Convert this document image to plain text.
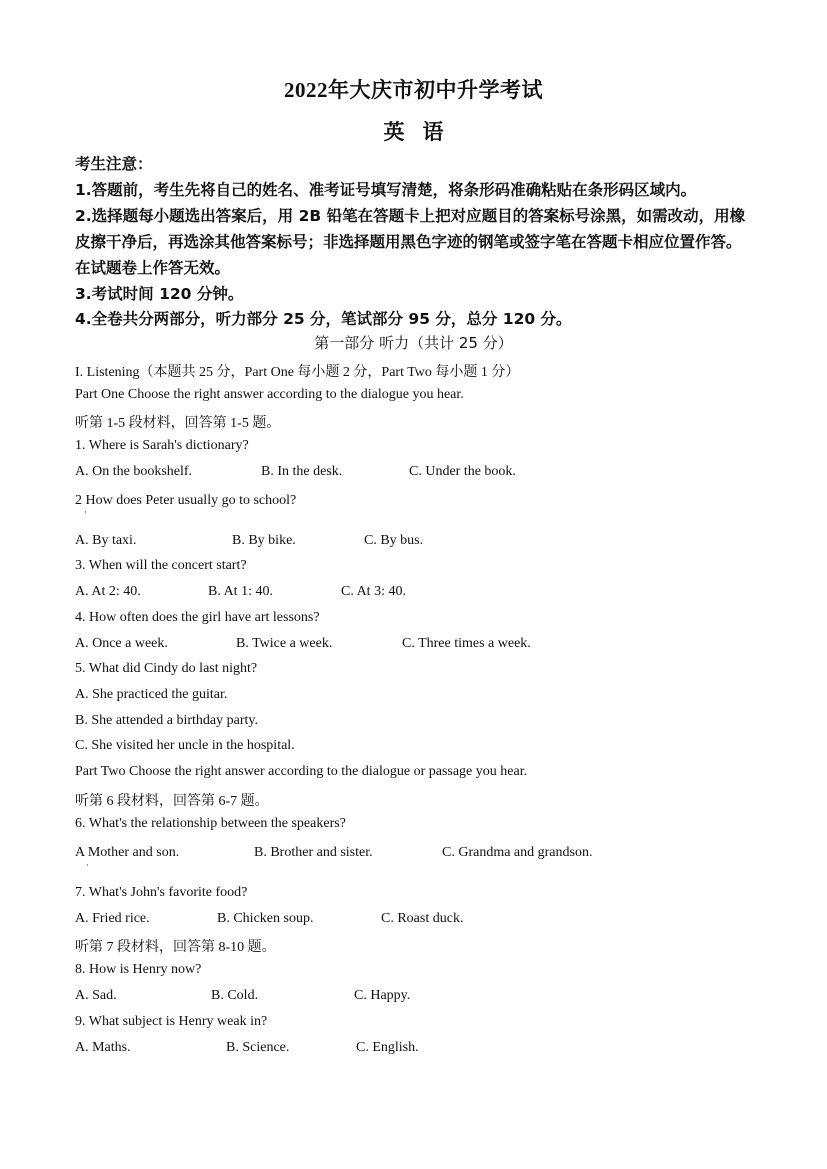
2022年大庆市初中升学考试
英语

考生注意：

1.答题前，考生先将自己的姓名、准考证号填写清楚，将条形码准确粘贴在条形码区域内。

2.选择题每小题选出答案后，用 2B 铅笔在答题卡上把对应题目的答案标号涂黑，如需改动，用橡皮擦干净后，再选涂其他答案标号；非选择题用黑色字迹的钢笔或签字笔在答题卡相应位置作答。在试题卷上作答无效。

3.考试时间 120 分钟。

4.全卷共分两部分，听力部分 25 分，笔试部分 95 分，总分 120 分。

第一部分 听力（共计 25 分）

I. Listening（本题共 25 分，Part One 每小题 2 分，Part Two 每小题 1 分）

Part One Choose the right answer according to the dialogue you hear.

听第 1-5 段材料，回答第 1-5 题。

1. Where is Sarah's dictionary?

A. On the bookshelf.	B. In the desk.	C. Under the book.

2 How does Peter usually go to school?

·
A. By taxi.	B. By bike.	C. By bus.

3. When will the concert start?

A. At 2: 40.	B. At 1: 40.	C. At 3: 40.

4. How often does the girl have art lessons?

A. Once a week.	B. Twice a week.	C. Three times a week.

5. What did Cindy do last night?

A. She practiced the guitar.

B. She attended a birthday party.

C. She visited her uncle in the hospital.

Part Two Choose the right answer according to the dialogue or passage you hear.

听第 6 段材料，回答第 6-7 题。

6. What's the relationship between the speakers?

A Mother and son.
·
B. Brother and sister.	C. Grandma and grandson.

7. What's John's favorite food?

A. Fried rice.	B. Chicken soup.	C. Roast duck.

听第 7 段材料，回答第 8-10 题。

8. How is Henry now?

A. Sad.	B. Cold.	C. Happy.

9. What subject is Henry weak in?

A. Maths.	B. Science.	C. English.
